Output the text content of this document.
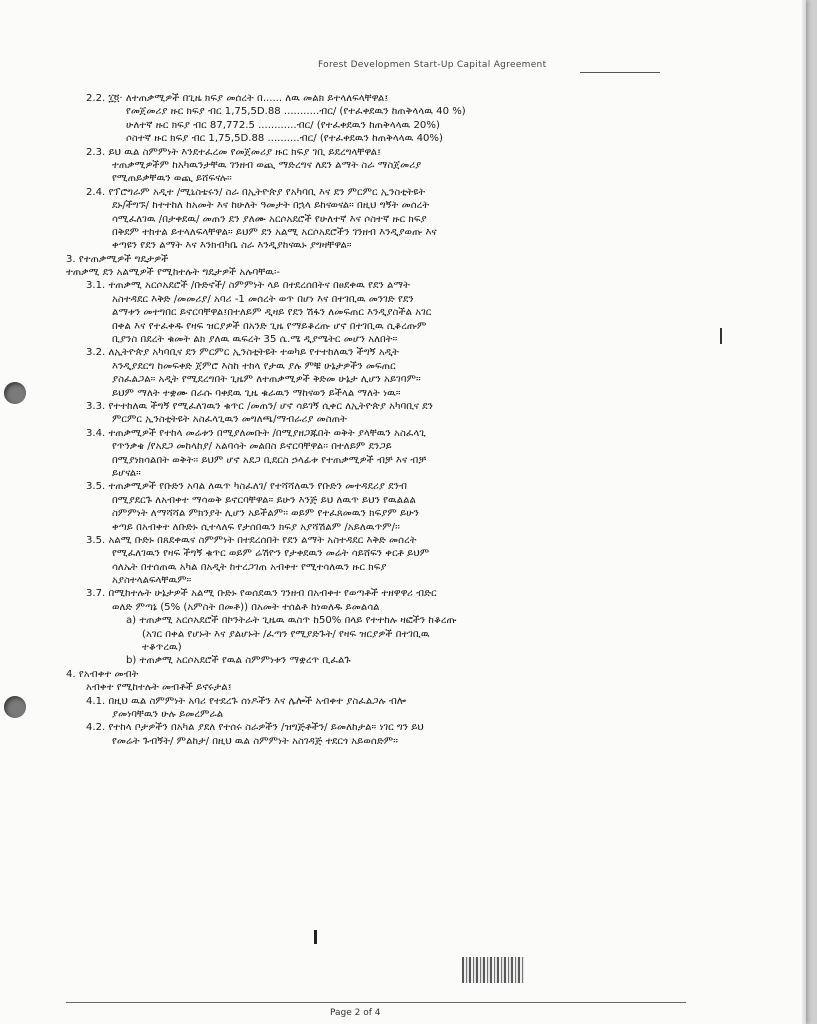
Forest Developmen Start-Up Capital Agreement
2.2. ፲፬· ለተጠቃሚዎች በጊዜ ክፍያ መሰረት በ...... ለዉ መልክ ይተላለፍላቸዋል፤
የመጀመሪያ ዙር ክፍያ ብር 1,75,5D.88 ...........ብር/ (የተፈቀደዉን ከጠቅላላዉ 40 %)
ሁለተኛ ዙር ክፍያ ብር 87,772.5 ............ብር/ (የተፈቀደዉን ከጠቅላላዉ 20%)
ሶስተኛ ዙር ክፍያ ብር 1,75,5D.88 ..........ብር/ (የተፈቀደዉን ከጠቅላላዉ 40%)
2.3. ይህ ዉል ስምምነት እንደተፈረመ የመጀመሪያ ዙር ክፍያ ገቢ ይደረግላቸዋል፤
ተጠቃሚዎችም ከአካዉንታቸዉ ገንዘብ ወጪ ማድረግና ለደን ልማት ስራ ማስጀመሪያ
የሚጠይቃቸዉን ወጪ ይሸፍናሉ፡፡
2.4. የፕሮግራም አዲተ /ሚኒስቴሩን/ ስራ በኢትዮጵያ የአካባቢ እና ደን ምርምር ኢንስቲትዩት
ደኑ/ችግኙ/ ከተተከለ ከአመት እና ከሁለት ዓመታት በኋላ ይከናወናል። በዚህ ግኝት መሰረት
ሳሚፈለገዉ /በታቀደዉ/ መጠን ደን ያለሙ አርሶአደሮች የሁለተኛ እና ሶስተኛ ዙር ክፍያ
በቅደም ተከተል ይተላለፍላቸዋል። ይህም ደን አልሚ አርሶአደሮችን ገንዘብ እንዲያወጡ እና
ቀጣዩን የደን ልማት እና እንክብካቤ ስራ እንዲያከናዉኑ ያግዛቸዋል።
3. የተጠቃሚዎች ግዴታዎች
ተጠቃሚ ደን አልሚዎች የሚከተሉት ግዴታዎች አሉባቸዉ፡-
3.1. ተጠቃሚ አርሶአደሮች /ቡድኖች/ ስምምነት ላይ በተደረሰበትና በፀደቀዉ የደን ልማት
አስተዳደር እቅድ /መመሪያ/ አባሪ -1 መሰረት ወጥ በሆነ እና በተገቢዉ መንገድ የደን
ልማቱን መተግበር ይኖርባቸዋል፤በተለይም ዲዛይ የደን ሽፋን ለመፍጠር እንዲያስችል አገር
በቀል እና የተፈቀዱ የዛፍ ዝርያዎች በአንድ ጊዜ የማይቆረጡ ሆኖ በተገቢዉ ሲቆረጡም
ቢያንስ በደረት ቁመት ልክ ያለዉ ዉፍረት 35 ሴ.ሜ ዲያሜትር መሆን አለበት።
3.2. ለኢትዮጵያ አካባቢና ደን ምርምር ኢንስቲትዩት ተወካይ የተተከለዉን ችግኝ አዲት
እንዲያደርግ ከመፍቀድ ጀምሮ እስከ ተከላ የታዉ ያሉ ምቹ ሁኔታዎችን መፍጠር
ያስፈልጋል። አዲት የሚደረግበት ጊዜም ለተጠቃሚዎች ቅድመ ሁኔታ ሊሆን አይገባም።
ይህም ማለት ተቋሙ በራሱ ባቀደዉ ጊዜ ቁራዉን ማከናወን ይችላል ማለት ነዉ።
3.3. የተተከለዉ ችግኝ የሚፈለገዉን ቁጥር /መጠን/ ሆኖ ሳይገኝ ሲቀር ለኢትዮጵያ አካባቢና ደን
ምርምር ኢንስቲትዩት አስፈላጊዉን መግለጫ/ማብራሪያ መስጠት
3.4. ተጠቃሚዎች የተከላ መሬቱን በሚያለመቡት /በሚያዘጋጁበት ወቅት ያላቸዉን አስፈላጊ
የጥንቃቄ /የአደጋ መከላከያ/ አልባሳት መልበስ ይኖርባቸዋል፡፡ በተለይም ደንጋይ
በሚያነክሳልበት ወቅት፡፡ ይህም ሆኖ አደጋ ቢደርስ ኃላፊቱ የተጠቃሚዎች ብቻ እና ብቻ
ይሆናል።
3.5. ተጠቃሚዎች የቡድን አባል ለዉጥ ካስፈለገ/ የተሻሻለዉን የቡድን መተዳደሪያ ደንብ
በሚያደርጉ ለአብቀተ ማሳወቅ ይኖርባቸዋል። ይሁን እንጅ ይህ ለዉጥ ይህን የዉልልል
ስምምነት ለማሻሻል ምክንያት ሊሆን አይችልም፡፡ ወይም የተፈጸመዉን ክፍያም ይሁን
ቀጣይ በአብቀተ ለቡድኑ ሲተላለፍ የታሰበዉን ክፍያ አያሻሽልም /አይለዉጥም/፡፡
3.5. አልሚ ቡድኑ በጸደቀዉና ስምምነት በተደረሰበት የደን ልማት አስተዳደር እቅድ መሰረት
የሚፈለገዉን የዛፍ ችግኝ ቁጥር ወይም ሬሽዮን የታቀደዉን መሬት ሳይሸፍን ቀርቶ ይህም
ሳለኤት በተሰጠዉ አካል በአዲት ከተረጋገጠ አብቀተ የሚተሳለዉን ዙር ክፍያ
አያስተላልፍላቸዉም።
3.7. በሚከተሉት ሁኔታዎች አልሚ ቡድኑ የወሰደዉን ገንዘብ በአብቀተ የወጣቶች ተዘዋዋሪ ብድር
ወለድ ምጣኔ (5% (አምስት በመቶ)) በአመት ተሰልቶ ከነወለዱ ይመልሳል
a) ተጠቃሚ አርሶአደሮች በኮንትራት ጊዜዉ ዉስጥ ከ50% በላይ የተተከሉ ዛፎችን ከቆረጡ
(አገር በቀል የሆኑት እና ያልሆኑት /ፈጣን የሚያድጉት/ የዛፍ ዝርያዎች በተገቢዉ
ተቆጥረዉ)
b) ተጠቃሚ አርሶአደሮች የዉል ስምምነቱን ማቋረጥ ቢፈልጉ
4. የአብቀተ መብት
አብቀተ የሚከተሉት መብቶች ይኖሩታል፤
4.1. በዚህ ዉል ስምምነት አባሪ የተደረጉ ሰነዶችን እና ሌሎች አብቀተ ያስፈልጋሉ ብሎ
ያመነባቸዉን ሁሉ ይመረምራል
4.2. የተከላ ቦታዎችን በአካል ያደለ የተሰሩ ስራዎችን /ዝግጅቶችን/ ይመለከታል። ነገር ግን ይህ
የመሬት ጉብኝት/ ምልከታ/ በዚህ ዉል ስምምነት አስገዳጅ ተደርጎ አይወሰድም።
Page 2 of 4
